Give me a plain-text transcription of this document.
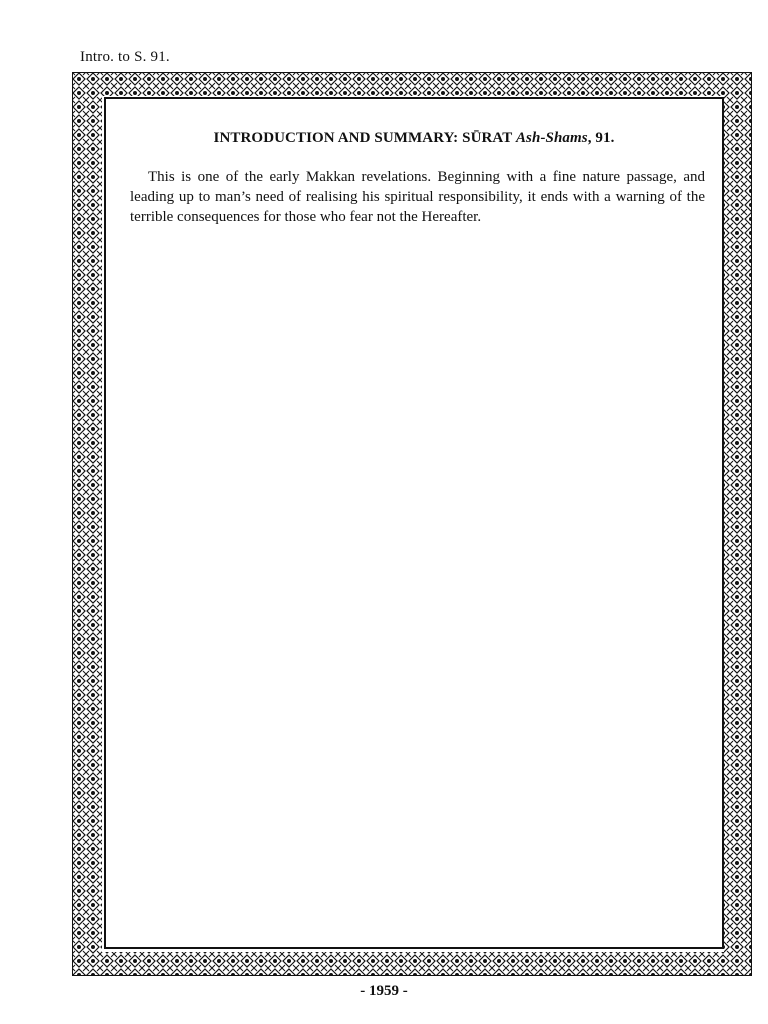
Intro. to S. 91.
INTRODUCTION AND SUMMARY: SŪRAT Ash-Shams, 91.
This is one of the early Makkan revelations. Beginning with a fine nature passage, and leading up to man’s need of realising his spiritual responsibility, it ends with a warning of the terrible consequences for those who fear not the Hereafter.
- 1959 -
